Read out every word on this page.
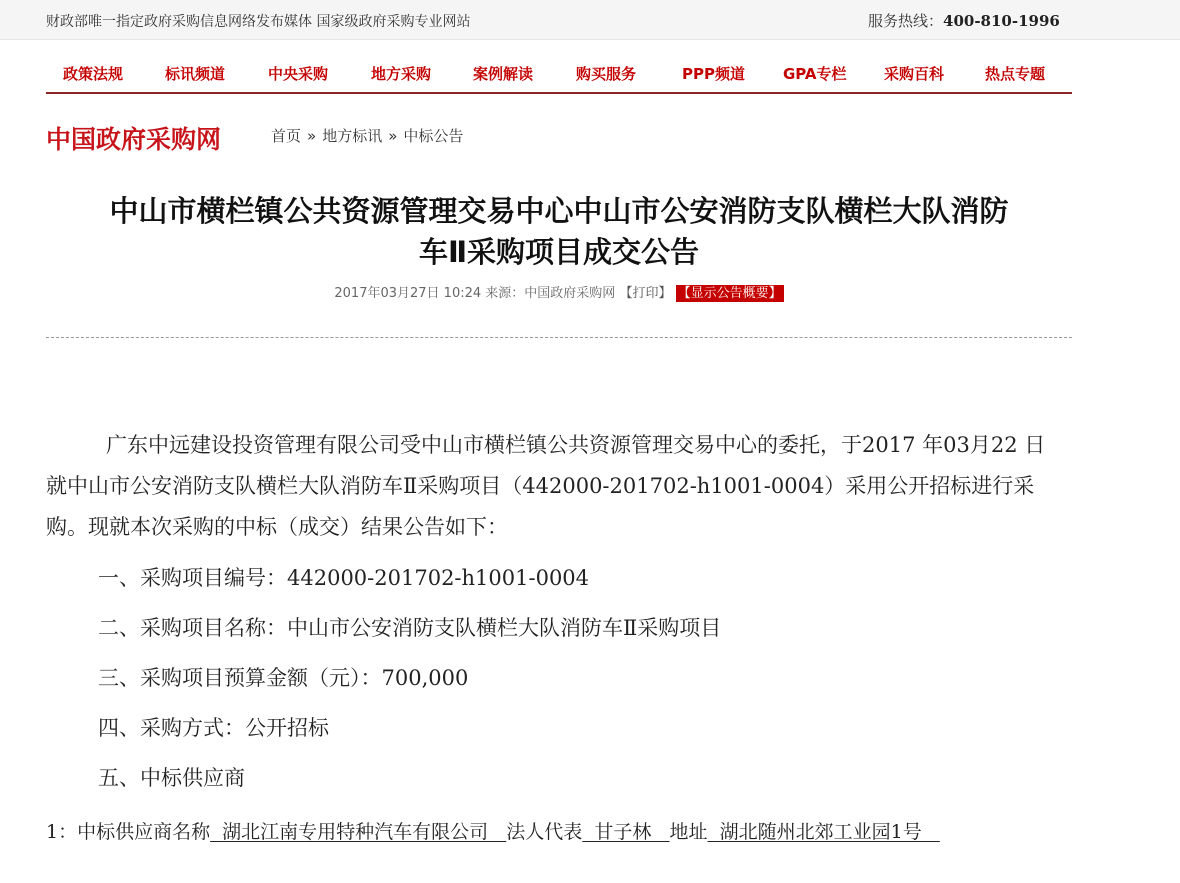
财政部唯一指定政府采购信息网络发布媒体 国家级政府采购专业网站	服务热线：400-810-1996
政策法规	标讯频道	中央采购	地方采购	案例解读	购买服务	PPP频道	GPA专栏 采购百科	热点专题
中国政府采购网	首页 » 地方标讯 » 中标公告
中山市横栏镇公共资源管理交易中心中山市公安消防支队横栏大队消防
车Ⅱ采购项目成交公告
2017年03月27日 10:24 来源：中国政府采购网 【打印】 【显示公告概要】

广东中远建设投资管理有限公司受中山市横栏镇公共资源管理交易中心的委托，于2017 年03月22 日就中山市公安消防支队横栏大队消防车Ⅱ采购项目（442000-201702-h1001-0004）采用公开招标进行采购。现就本次采购的中标（成交）结果公告如下：

一、采购项目编号：442000-201702-h1001-0004
二、采购项目名称：中山市公安消防支队横栏大队消防车Ⅱ采购项目
三、采购项目预算金额（元）：700,000
四、采购方式：公开招标
五、中标供应商
1：中标供应商名称  湖北江南专用特种汽车有限公司   法人代表  甘子林   地址  湖北随州北郊工业园1号
